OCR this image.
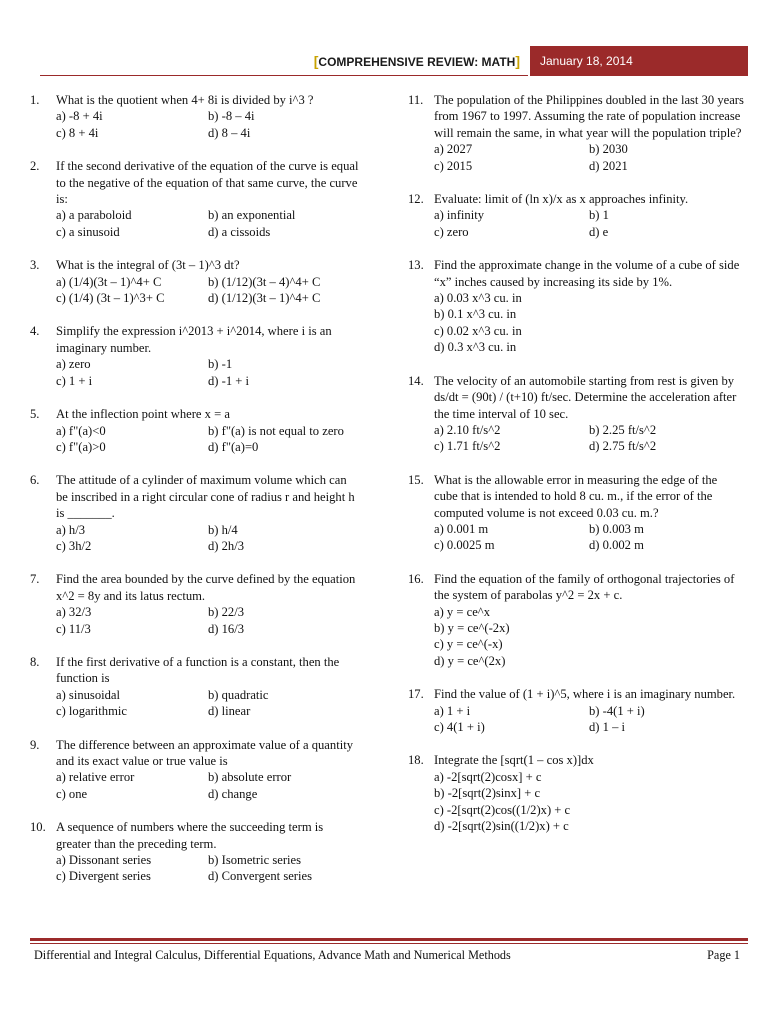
[COMPREHENSIVE REVIEW: MATH]	January 18, 2014
1.	What is the quotient when 4+ 8i is divided by i^3 ?
a) -8 + 4i	b) -8 – 4i
c) 8 + 4i	d) 8 – 4i
2.	If the second derivative of the equation of the curve is equal to the negative of the equation of that same curve, the curve is:
a) a paraboloid	b) an exponential
c) a sinusoid	d) a cissoids
3.	What is the integral of (3t – 1)^3 dt?
a) (1/4)(3t – 1)^4+ C	b) (1/12)(3t – 4)^4+ C
c) (1/4) (3t – 1)^3+ C	d) (1/12)(3t – 1)^4+ C
4.	Simplify the expression i^2013 + i^2014, where i is an imaginary number.
a) zero	b) -1
c) 1 + i	d) -1 + i
5.	At the inflection point where x = a
a) f"(a)<0	b) f"(a) is not equal to zero
c) f"(a)>0	d) f"(a)=0
6.	The attitude of a cylinder of maximum volume which can be inscribed in a right circular cone of radius r and height h is _______.
a) h/3	b) h/4
c) 3h/2	d) 2h/3
7.	Find the area bounded by the curve defined by the equation x^2 = 8y and its latus rectum.
a) 32/3	b) 22/3
c) 11/3	d) 16/3
8.	If the first derivative of a function is a constant, then the function is
a) sinusoidal	b) quadratic
c) logarithmic	d) linear
9.	The difference between an approximate value of a quantity and its exact value or true value is
a) relative error	b) absolute error
c) one	d) change
10. A sequence of numbers where the succeeding term is greater than the preceding term.
a) Dissonant series	b) Isometric series
c) Divergent series	d) Convergent series
11. The population of the Philippines doubled in the last 30 years from 1967 to 1997. Assuming the rate of population increase will remain the same, in what year will the population triple?
a) 2027	b) 2030
c) 2015	d) 2021
12. Evaluate: limit of (ln x)/x as x approaches infinity.
a) infinity	b) 1
c) zero	d) e
13. Find the approximate change in the volume of a cube of side “x” inches caused by increasing its side by 1%.
a) 0.03 x^3 cu. in
b) 0.1 x^3 cu. in
c) 0.02 x^3 cu. in
d) 0.3 x^3 cu. in
14. The velocity of an automobile starting from rest is given by ds/dt = (90t) / (t+10) ft/sec. Determine the acceleration after the time interval of 10 sec.
a) 2.10 ft/s^2	b) 2.25 ft/s^2
c) 1.71 ft/s^2	d) 2.75 ft/s^2
15. What is the allowable error in measuring the edge of the cube that is intended to hold 8 cu. m., if the error of the computed volume is not exceed 0.03 cu. m.?
a) 0.001 m	b) 0.003 m
c) 0.0025 m	d) 0.002 m
16. Find the equation of the family of orthogonal trajectories of the system of parabolas y^2 = 2x + c.
a) y = ce^x
b) y = ce^(-2x)
c) y = ce^(-x)
d) y = ce^(2x)
17. Find the value of (1 + i)^5, where i is an imaginary number.
a) 1 + i	b) -4(1 + i)
c) 4(1 + i)	d) 1 – i
18. Integrate the [sqrt(1 – cos x)]dx
a) -2[sqrt(2)cosx] + c
b) -2[sqrt(2)sinx] + c
c) -2[sqrt(2)cos((1/2)x) + c
d) -2[sqrt(2)sin((1/2)x) + c
Differential and Integral Calculus, Differential Equations, Advance Math and Numerical Methods	Page 1
